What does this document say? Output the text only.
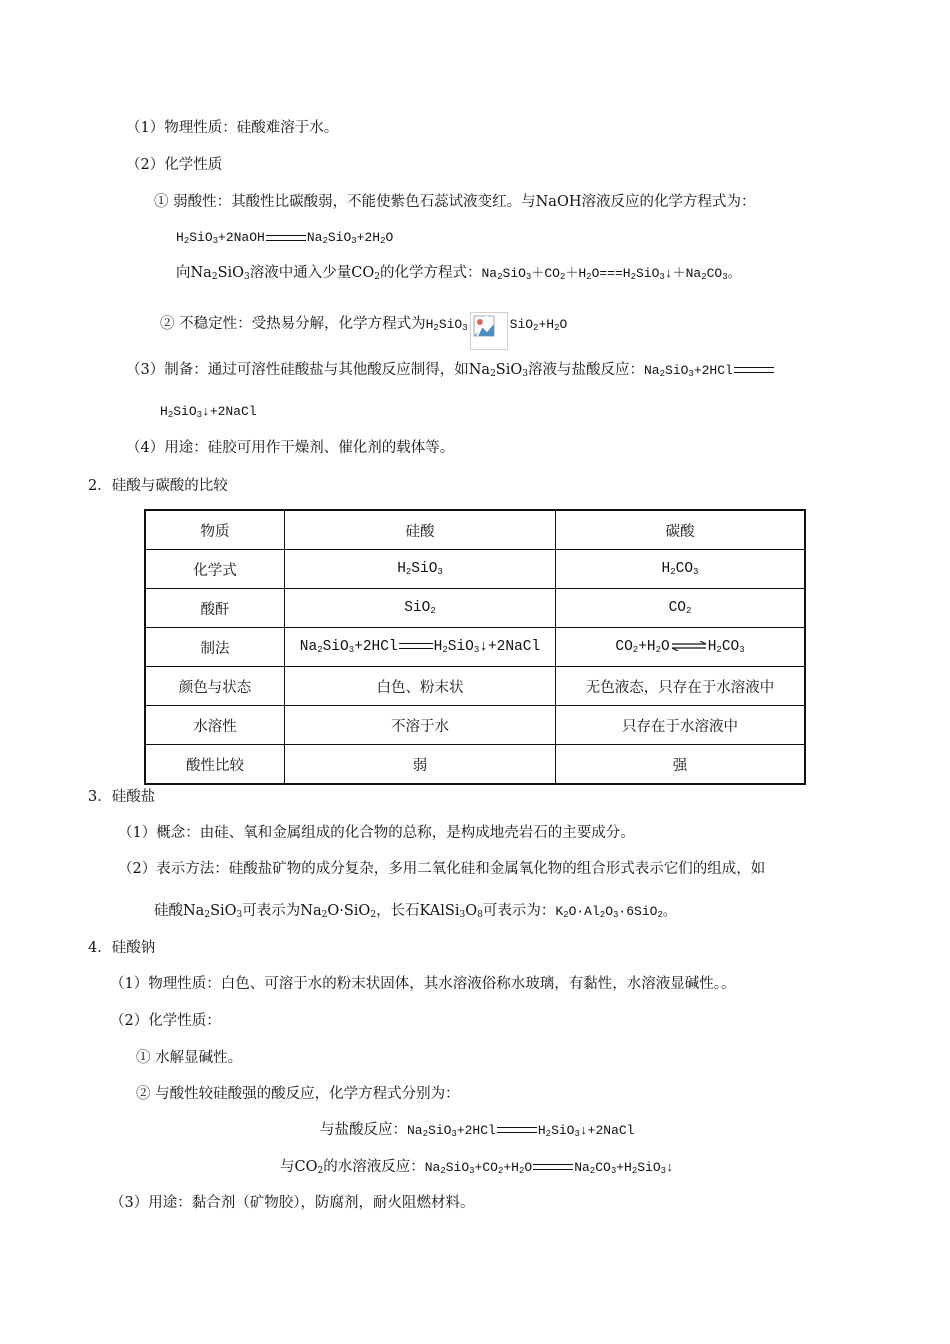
（1）物理性质：硅酸难溶于水。
（2）化学性质
① 弱酸性：其酸性比碳酸弱，不能使紫色石蕊试液变红。与NaOH溶液反应的化学方程式为：
$H_2SiO_3+2NaOH$	$Na_2SiO_3+2H_2O$
向$Na_2SiO_3$溶液中通入少量$CO_2$的化学方程式：$Na_2SiO_3+CO_2+H_2O===H_2SiO_3↓+Na_2CO_3$。
② 不稳定性：受热易分解，化学方程式为$H_2SiO_3$	$SiO_2+H_2O$
（3）制备：通过可溶性硅酸盐与其他酸反应制得，如$Na_2SiO_3$溶液与盐酸反应：$Na_2SiO_3+2HCl$
$H_2SiO_3↓+2NaCl$
（4）用途：硅胶可用作干燥剂、催化剂的载体等。
2．硅酸与碳酸的比较
物质	硅酸	碳酸
化学式	$H_2SiO_3$	$H_2CO_3$
酸酐	SiO$_2$	$CO_2$
制法	$Na_2SiO_3+2HCl$ $H_2SiO_3↓+2NaCl$	$CO_2+H_2O\rightleftharpoons H_2CO_3$
颜色与状态	白色、粉末状	无色液态，只存在于水溶液中
水溶性	不溶于水	只存在于水溶液中
酸性比较	弱	强
3．硅酸盐
（1）概念：由硅、氧和金属组成的化合物的总称，是构成地壳岩石的主要成分。
（2）表示方法：硅酸盐矿物的成分复杂，多用二氧化硅和金属氧化物的组合形式表示它们的组成，如
硅酸$Na_2SiO_3$可表示为$Na_2O\cdot SiO_2$，长石$KAlSi_3O_8$可表示为：$K_2O\cdot Al_2O_3\cdot 6SiO_2$。
4．硅酸钠
（1）物理性质：白色、可溶于水的粉末状固体，其水溶液俗称水玻璃，有黏性，水溶液显碱性。。
（2）化学性质：
① 水解显碱性。
② 与酸性较硅酸强的酸反应，化学方程式分别为：
与盐酸反应：$Na_2SiO_3+2HCl$	$H_2SiO_3↓+2NaCl$
与$CO_2$的水溶液反应：$Na_2SiO_3+CO_2+H_2O$	$Na_2CO_3+H_2SiO_3↓$
（3）用途：黏合剂（矿物胶），防腐剂，耐火阻燃材料。
